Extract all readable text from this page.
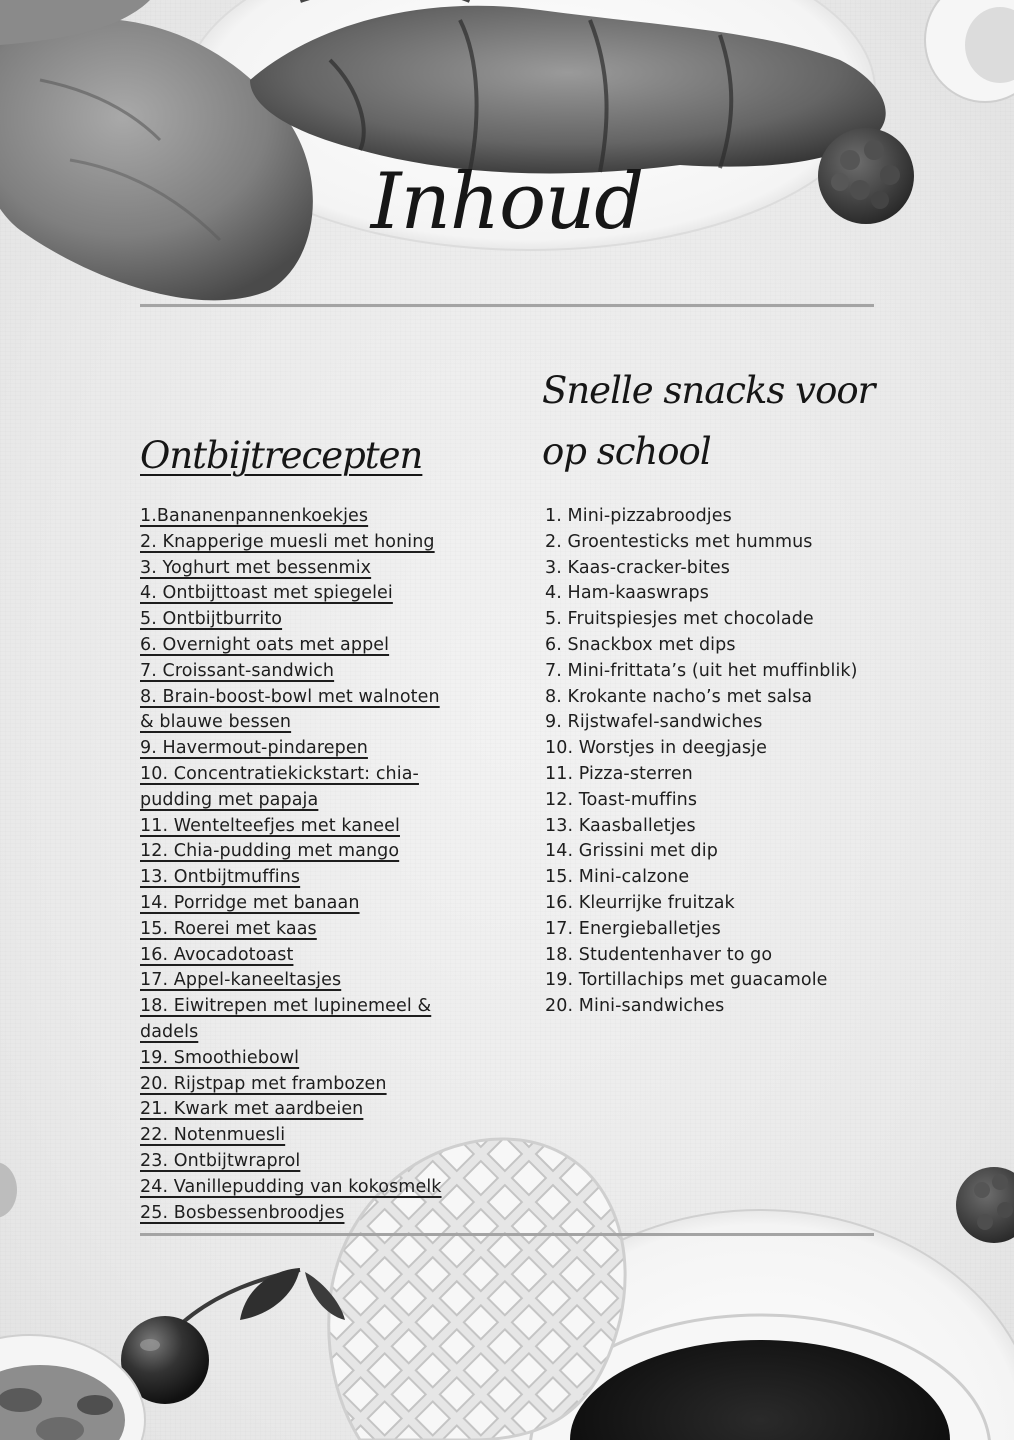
Inhoud
Ontbijtrecepten
1.Bananenpannenkoekjes
2. Knapperige muesli met honing
3. Yoghurt met bessenmix
4. Ontbijttoast met spiegelei
5. Ontbijtburrito
6. Overnight oats met appel
7. Croissant-sandwich
8. Brain-boost-bowl met walnoten
& blauwe bessen
9. Havermout-pindarepen
10. Concentratiekickstart: chia-
pudding met papaja
11. Wentelteefjes met kaneel
12. Chia-pudding met mango
13. Ontbijtmuffins
14. Porridge met banaan
15. Roerei met kaas
16. Avocadotoast
17. Appel-kaneeltasjes
18. Eiwitrepen met lupinemeel &
dadels
19. Smoothiebowl
20. Rijstpap met frambozen
21. Kwark met aardbeien
22. Notenmuesli
23. Ontbijtwraprol
24. Vanillepudding van kokosmelk
25. Bosbessenbroodjes
Snelle snacks voor
op school
1. Mini-pizzabroodjes
2. Groentesticks met hummus
3. Kaas-cracker-bites
4. Ham-kaaswraps
5. Fruitspiesjes met chocolade
6. Snackbox met dips
7. Mini-frittata’s (uit het muffinblik)
8. Krokante nacho’s met salsa
9. Rijstwafel-sandwiches
10. Worstjes in deegjasje
11. Pizza-sterren
12. Toast-muffins
13. Kaasballetjes
14. Grissini met dip
15. Mini-calzone
16. Kleurrijke fruitzak
17. Energieballetjes
18. Studentenhaver to go
19. Tortillachips met guacamole
20. Mini-sandwiches
